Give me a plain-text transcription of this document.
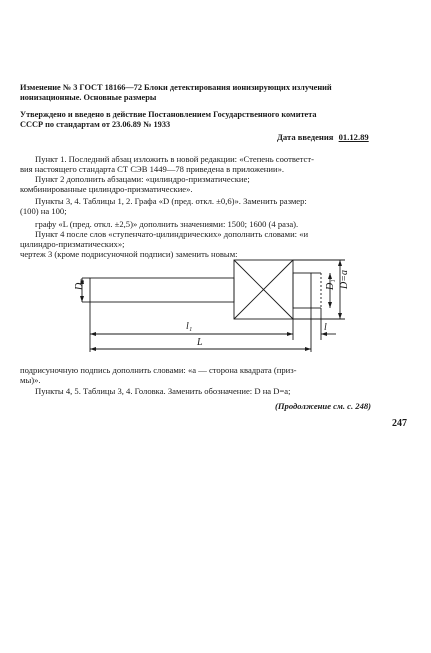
Изменение № 3 ГОСТ 18166—72 Блоки детектирования ионизирующих излучений
ионизационные. Основные размеры
Утверждено и введено в действие Постановлением Государственного комитета
СССР по стандартам от 23.06.89 № 1933
Дата введения 01.12.89
Пункт 1. Последний абзац изложить в новой редакции: «Степень соответст-
вия настоящего стандарта СТ СЭВ 1449—78 приведена в приложении».
Пункт 2 дополнить абзацами: «цилиндро-призматические;
комбинированные цилиндро-призматические».
Пункты 3, 4. Таблицы 1, 2. Графа «D (пред. откл. ±0,6)». Заменить размер:
(100) на 100;
графу «L (пред. откл. ±2,5)» дополнить значениями: 1500; 1600 (4 раза).
Пункт 4 после слов «ступенчато-цилиндрических» дополнить словами: «и
цилиндро-призматических»;
чертеж 3 (кроме подрисуночной подписи) заменить новым:
D₂	D₁ D=a
l₁	l
L
подрисуночную подпись дополнить словами: «a — сторона квадрата (приз-
мы)».
Пункты 4, 5. Таблицы 3, 4. Головка. Заменить обозначение: D на D=a;
(Продолжение см. с. 248)
247
